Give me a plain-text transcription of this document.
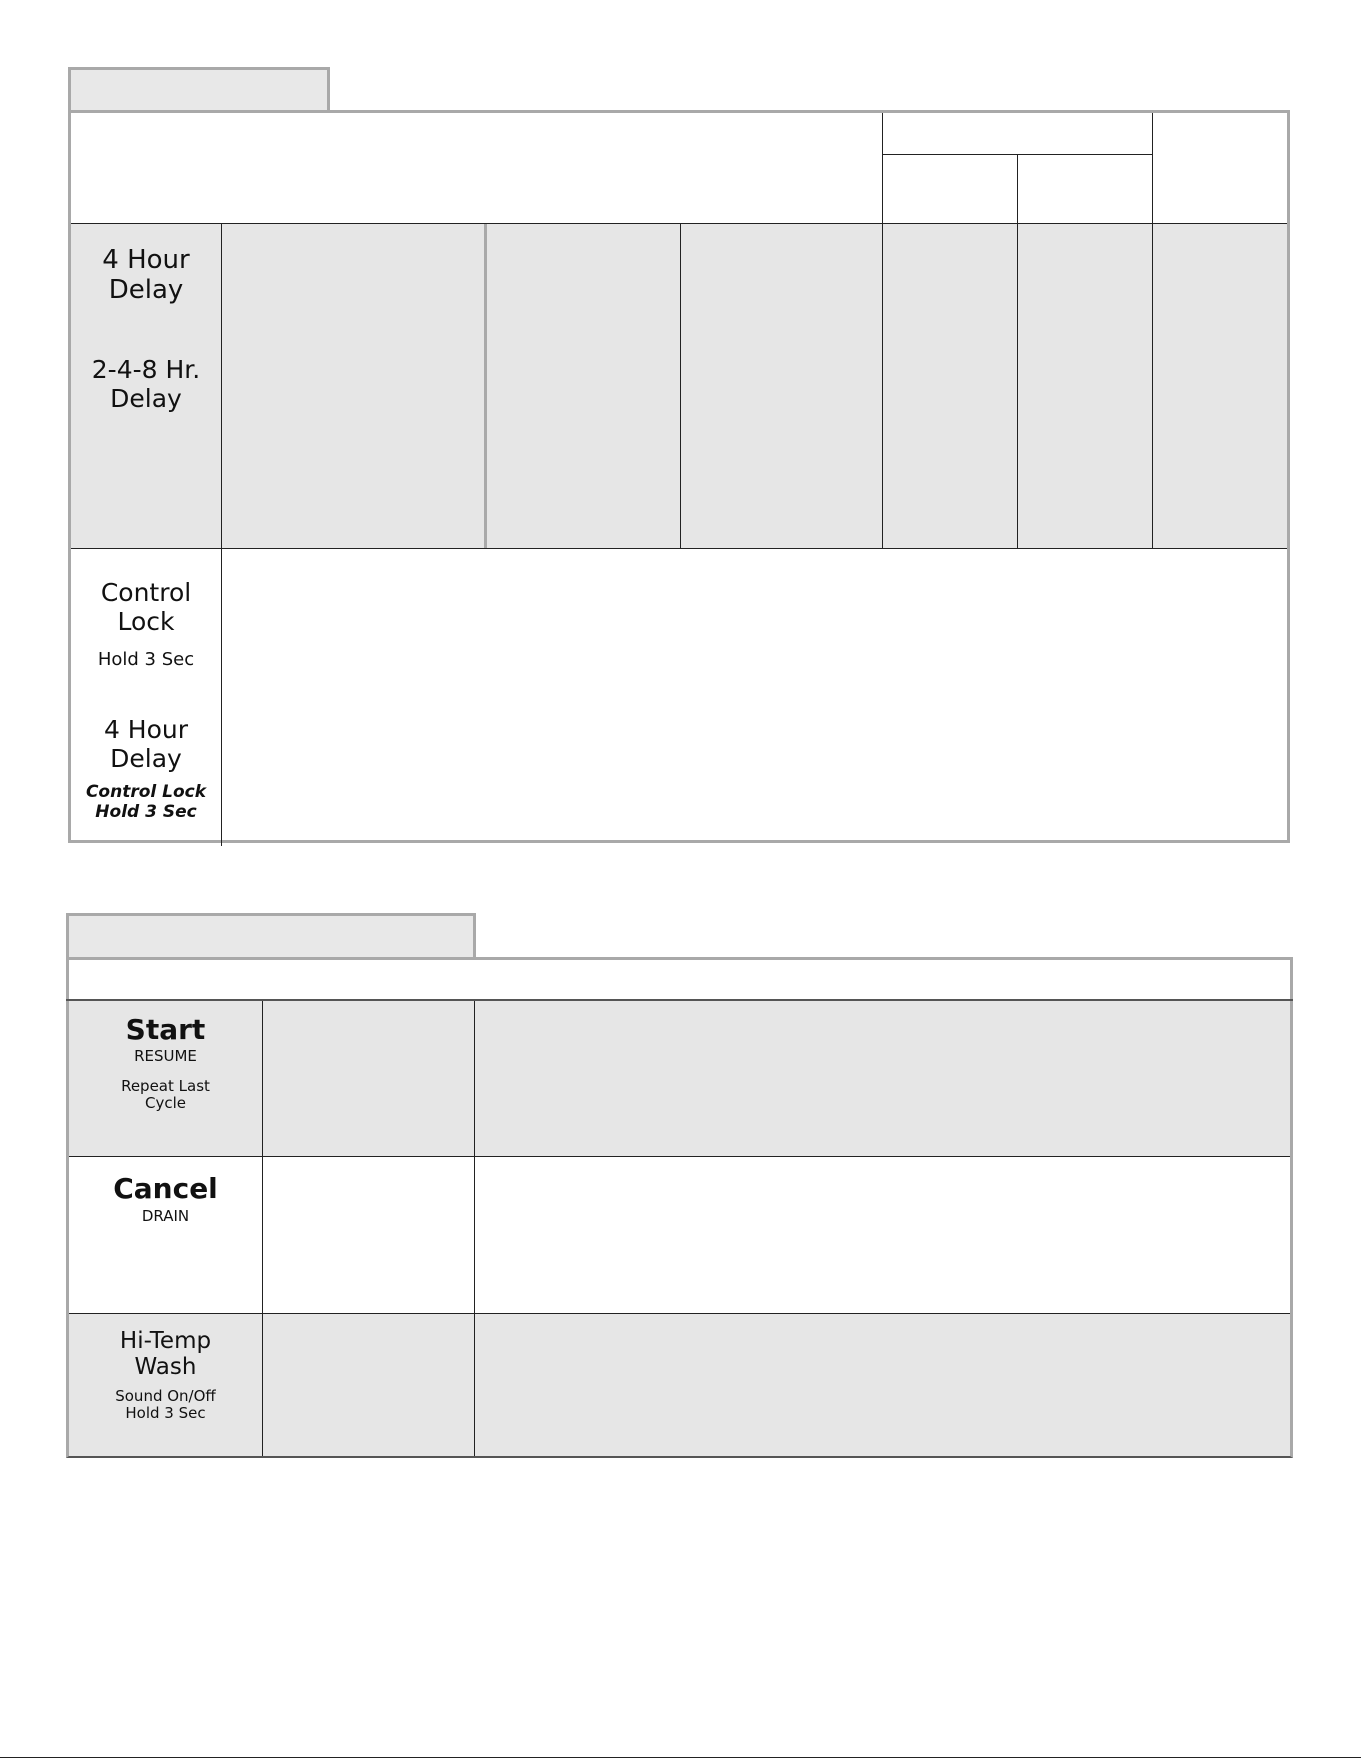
4 Hour
Delay
2-4-8 Hr.
Delay
Control
Lock
Hold 3 Sec
4 Hour
Delay
Control Lock
Hold 3 Sec
Start
RESUME
Repeat Last
Cycle
Cancel
DRAIN
Hi-Temp
Wash
Sound On/Off
Hold 3 Sec
